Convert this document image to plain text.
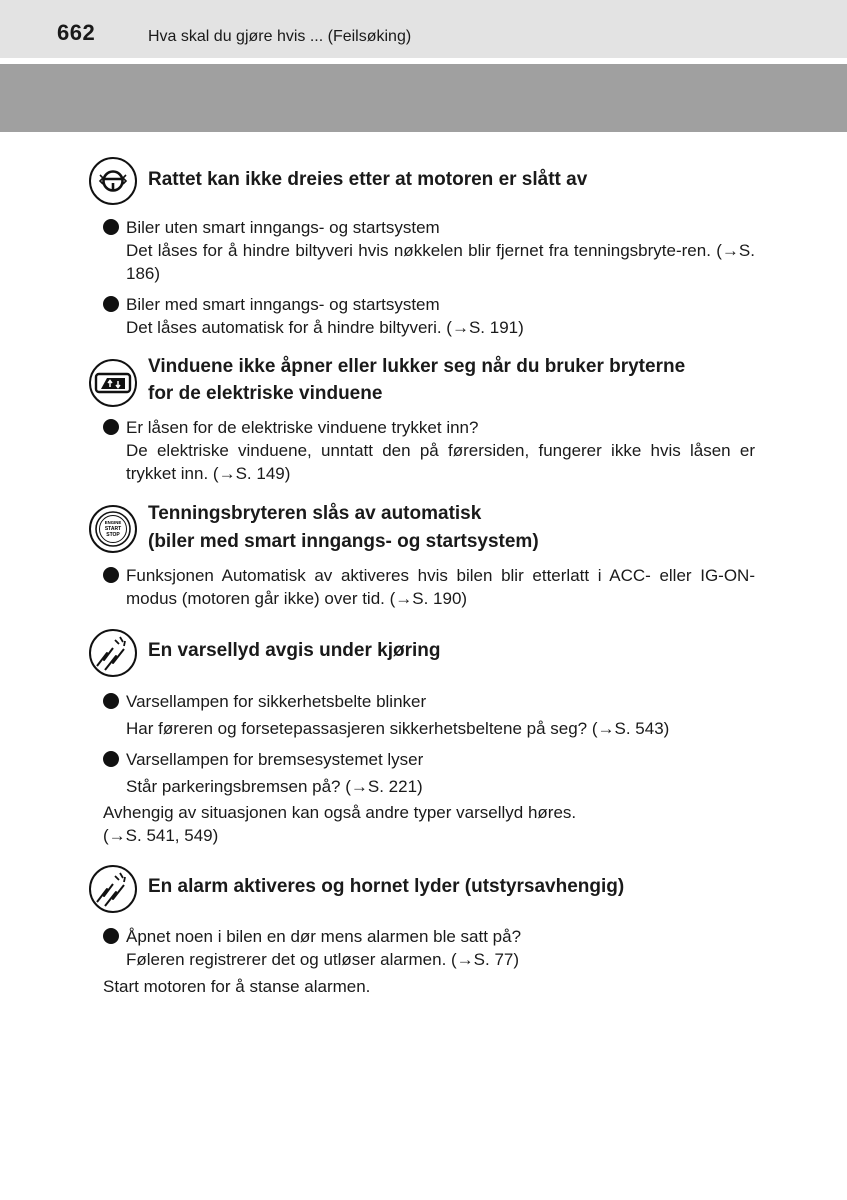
662	Hva skal du gjøre hvis ... (Feilsøking)
Rattet kan ikke dreies etter at motoren er slått av
Biler uten smart inngangs- og startsystem
Det låses for å hindre biltyveri hvis nøkkelen blir fjernet fra tenningsbryte-ren. (→S. 186)
Biler med smart inngangs- og startsystem
Det låses automatisk for å hindre biltyveri. (→S. 191)
Vinduene ikke åpner eller lukker seg når du bruker bryterne
for de elektriske vinduene
Er låsen for de elektriske vinduene trykket inn?
De elektriske vinduene, unntatt den på førersiden, fungerer ikke hvis låsen er trykket inn. (→S. 149)
ENGINE
START
STOP
Tenningsbryteren slås av automatisk
(biler med smart inngangs- og startsystem)
Funksjonen Automatisk av aktiveres hvis bilen blir etterlatt i ACC- eller IG-ON-modus (motoren går ikke) over tid. (→S. 190)
En varsellyd avgis under kjøring
Varsellampen for sikkerhetsbelte blinker
Har føreren og forsetepassasjeren sikkerhetsbeltene på seg? (→S. 543)
Varsellampen for bremsesystemet lyser
Står parkeringsbremsen på? (→S. 221)
Avhengig av situasjonen kan også andre typer varsellyd høres.
(→S. 541, 549)
En alarm aktiveres og hornet lyder (utstyrsavhengig)
Åpnet noen i bilen en dør mens alarmen ble satt på?
Føleren registrerer det og utløser alarmen. (→S. 77)
Start motoren for å stanse alarmen.
